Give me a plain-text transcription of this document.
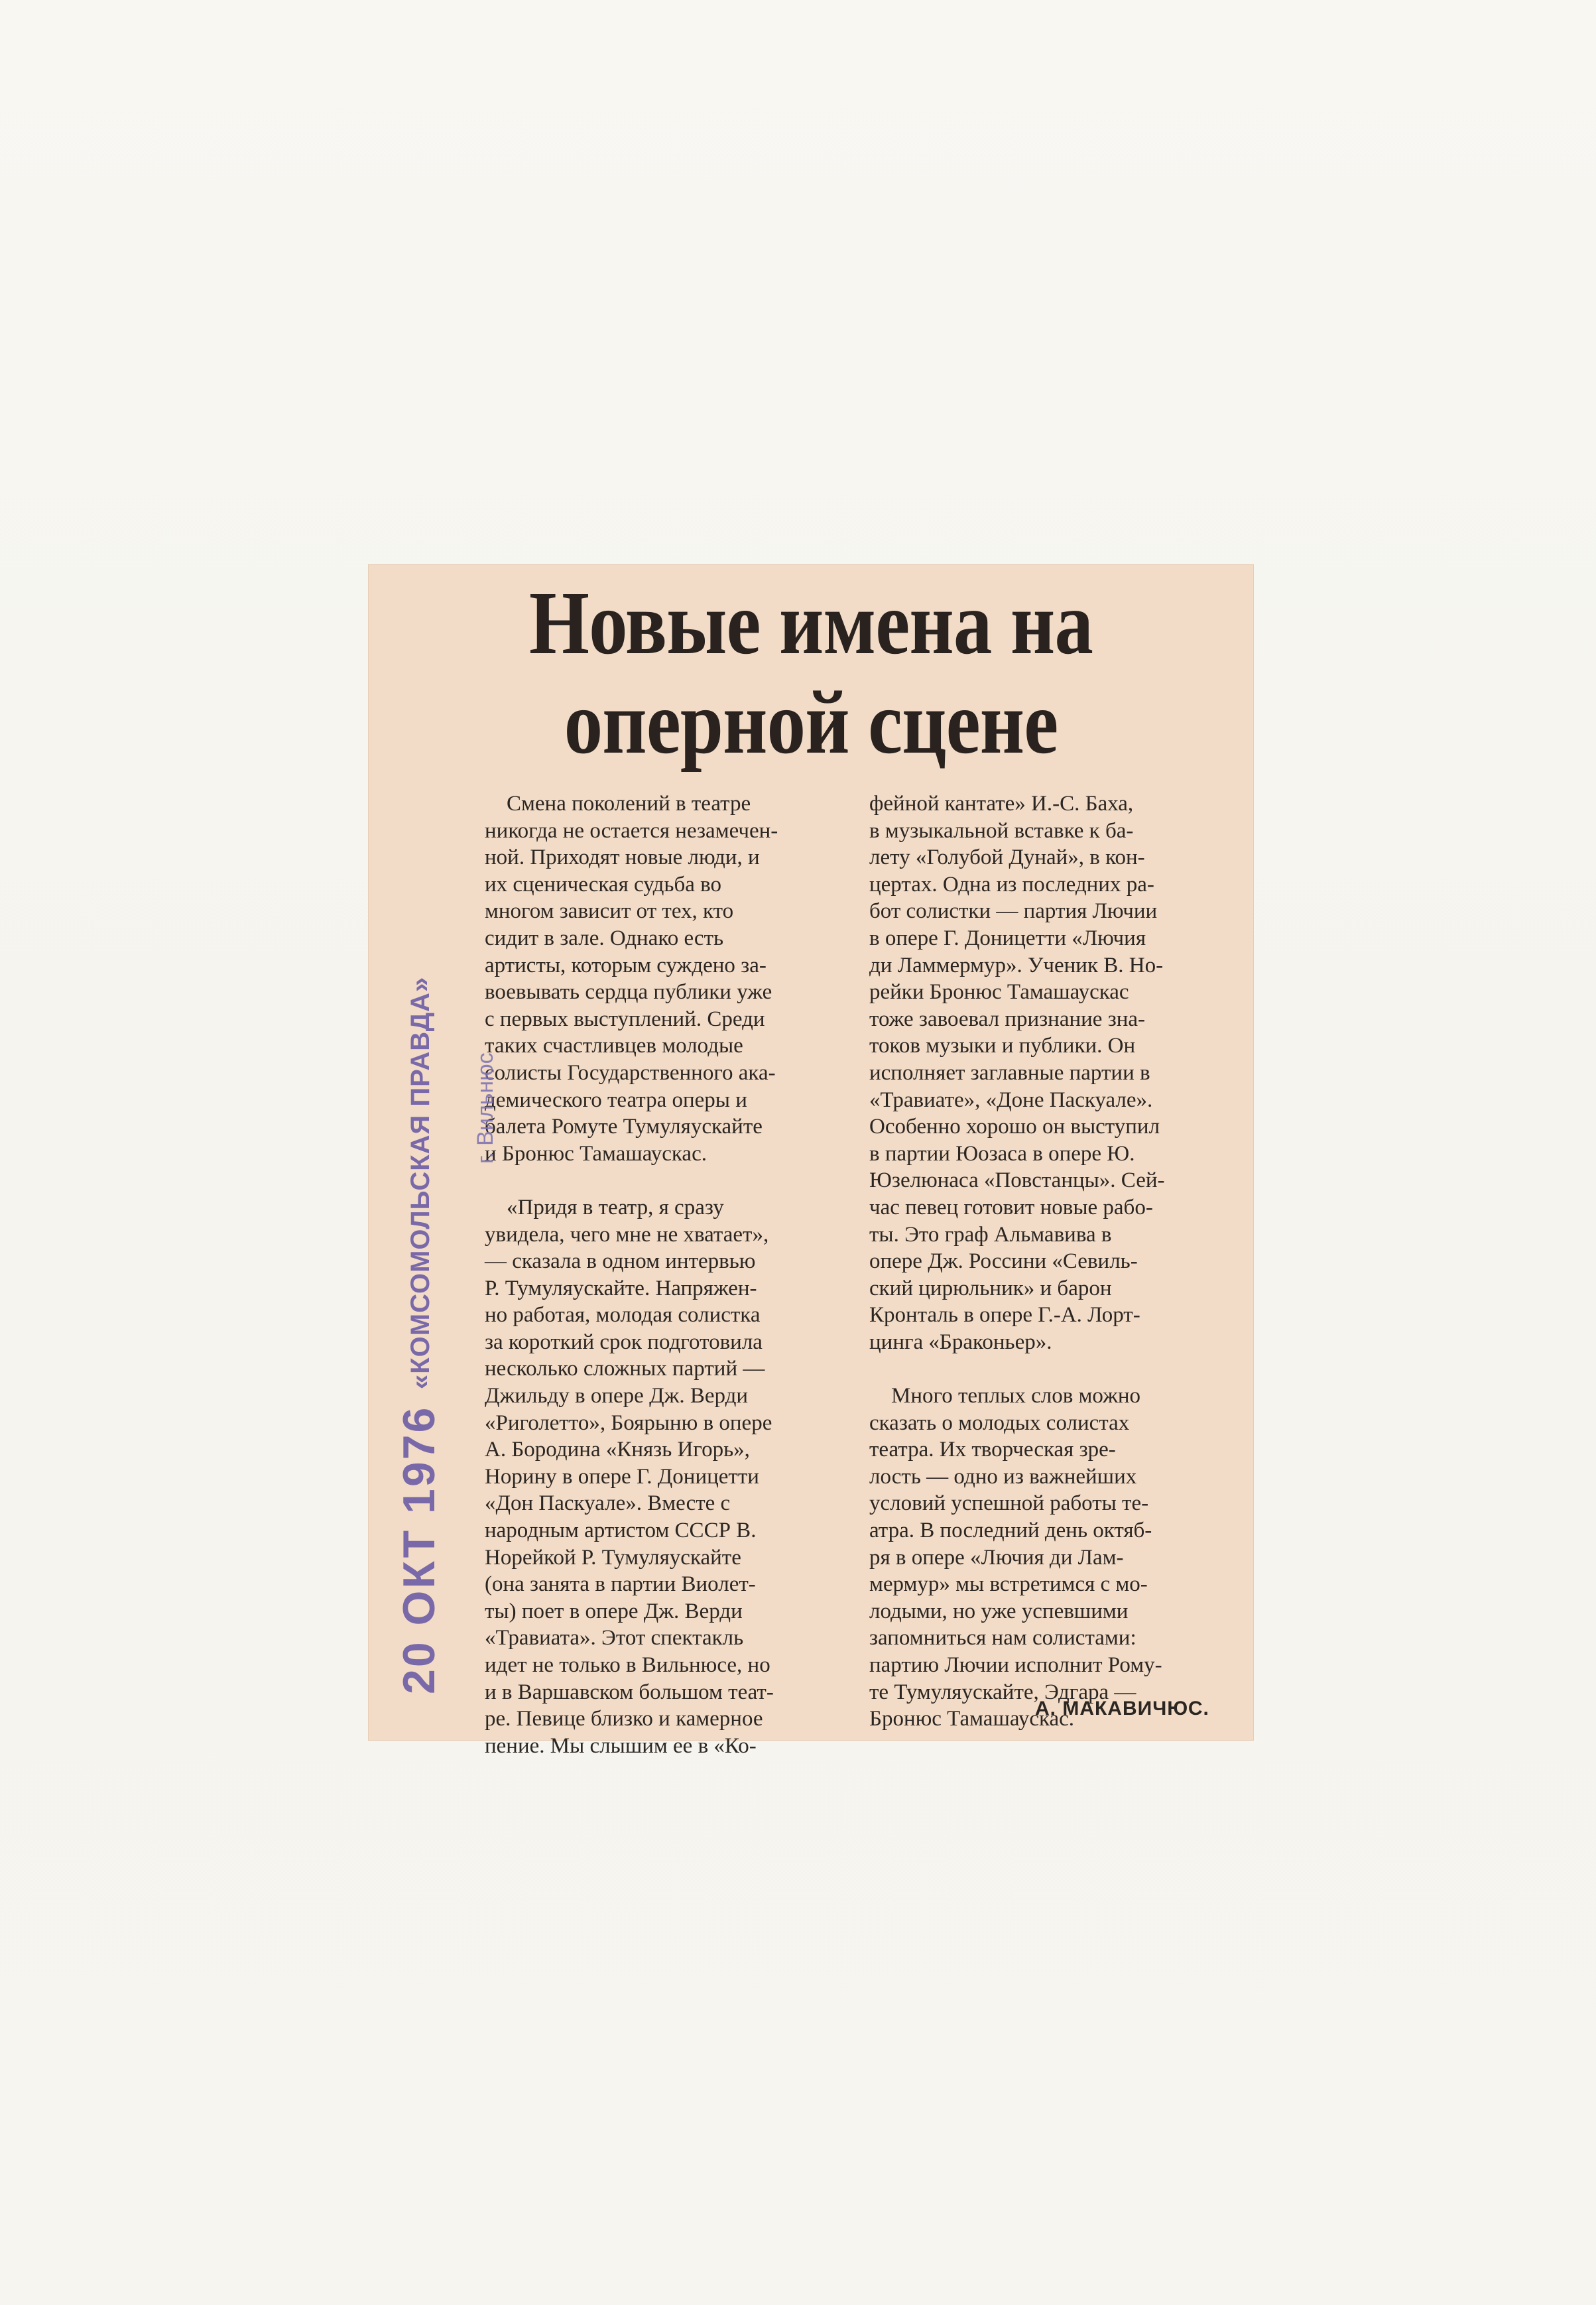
Новые имена на
оперной сцене
Смена поколений в театре
никогда не остается незамечен-
ной. Приходят новые люди, и
их сценическая судьба во
многом зависит от тех, кто
сидит в зале. Однако есть
артисты, которым суждено за-
воевывать сердца публики уже
с первых выступлений. Среди
таких счастливцев молодые
солисты Государственного ака-
демического театра оперы и
балета Ромуте Тумуляускайте
и Бронюс Тамашаускас.

«Придя в театр, я сразу
увидела, чего мне не хватает»,
— сказала в одном интервью
Р. Тумуляускайте. Напряжен-
но работая, молодая солистка
за короткий срок подготовила
несколько сложных партий —
Джильду в опере Дж. Верди
«Риголетто», Боярыню в опере
А. Бородина «Князь Игорь»,
Норину в опере Г. Доницетти
«Дон Паскуале». Вместе с
народным артистом СССР В.
Норейкой Р. Тумуляускайте
(она занята в партии Виолет-
ты) поет в опере Дж. Верди
«Травиата». Этот спектакль
идет не только в Вильнюсе, но
и в Варшавском большом теат-
ре. Певице близко и камерное
пение. Мы слышим ее в «Ко-
фейной кантате» И.-С. Баха,
в музыкальной вставке к ба-
лету «Голубой Дунай», в кон-
цертах. Одна из последних ра-
бот солистки — партия Лючии
в опере Г. Доницетти «Лючия
ди Ламмермур». Ученик В. Но-
рейки Бронюс Тамашаускас
тоже завоевал признание зна-
токов музыки и публики. Он
исполняет заглавные партии в
«Травиате», «Доне Паскуале».
Особенно хорошо он выступил
в партии Юозаса в опере Ю.
Юзелюнаса «Повстанцы». Сей-
час певец готовит новые рабо-
ты. Это граф Альмавива в
опере Дж. Россини «Севиль-
ский цирюльник» и барон
Кронталь в опере Г.-А. Лорт-
цинга «Браконьер».

Много теплых слов можно
сказать о молодых солистах
театра. Их творческая зре-
лость — одно из важнейших
условий успешной работы те-
атра. В последний день октяб-
ря в опере «Лючия ди Лам-
мермур» мы встретимся с мо-
лодыми, но уже успевшими
запомниться нам солистами:
партию Лючии исполнит Рому-
те Тумуляускайте, Эдгара —
Бронюс Тамашаускас.
А. МАКАВИЧЮС.
«КОМСОМОЛЬСКАЯ ПРАВДА» г. Вильнюс
20 ОКТ 1976
